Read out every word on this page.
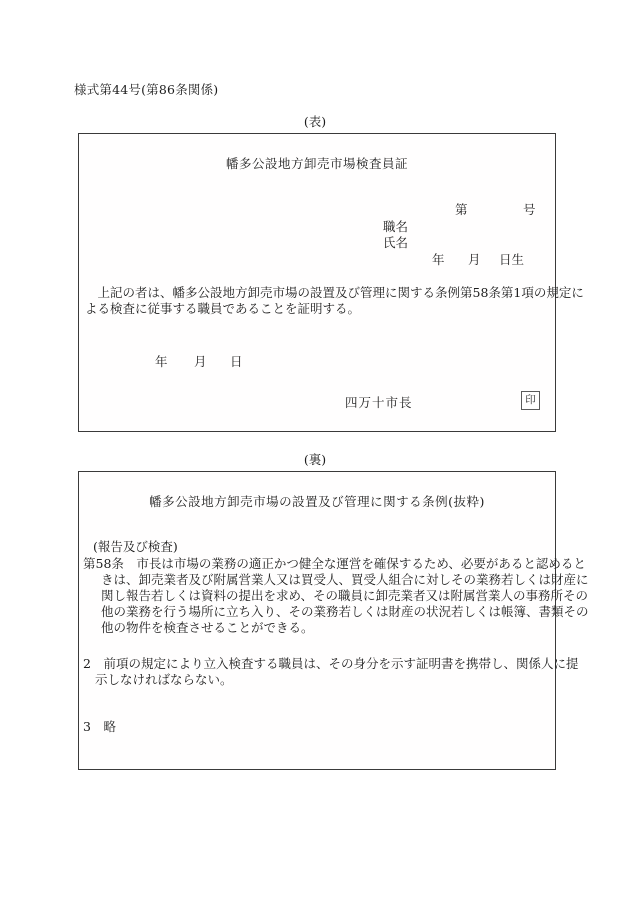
様式第44号(第86条関係)
(表)
幡多公設地方卸売市場検査員証
第	号
職名
氏名
年 月 日生
　上記の者は、幡多公設地方卸売市場の設置及び管理に関する条例第58条第1項の規定に
よる検査に従事する職員であることを証明する。
年 月 日
四万十市長	印
(裏)
幡多公設地方卸売市場の設置及び管理に関する条例(抜粋)
(報告及び検査)
第58条　市長は市場の業務の適正かつ健全な運営を確保するため、必要があると認めると
きは、卸売業者及び附属営業人又は買受人、買受人組合に対しその業務若しくは財産に
関し報告若しくは資料の提出を求め、その職員に卸売業者又は附属営業人の事務所その
他の業務を行う場所に立ち入り、その業務若しくは財産の状況若しくは帳簿、書類その
他の物件を検査させることができる。
2　前項の規定により立入検査する職員は、その身分を示す証明書を携帯し、関係人に提
示しなければならない。
3　略
